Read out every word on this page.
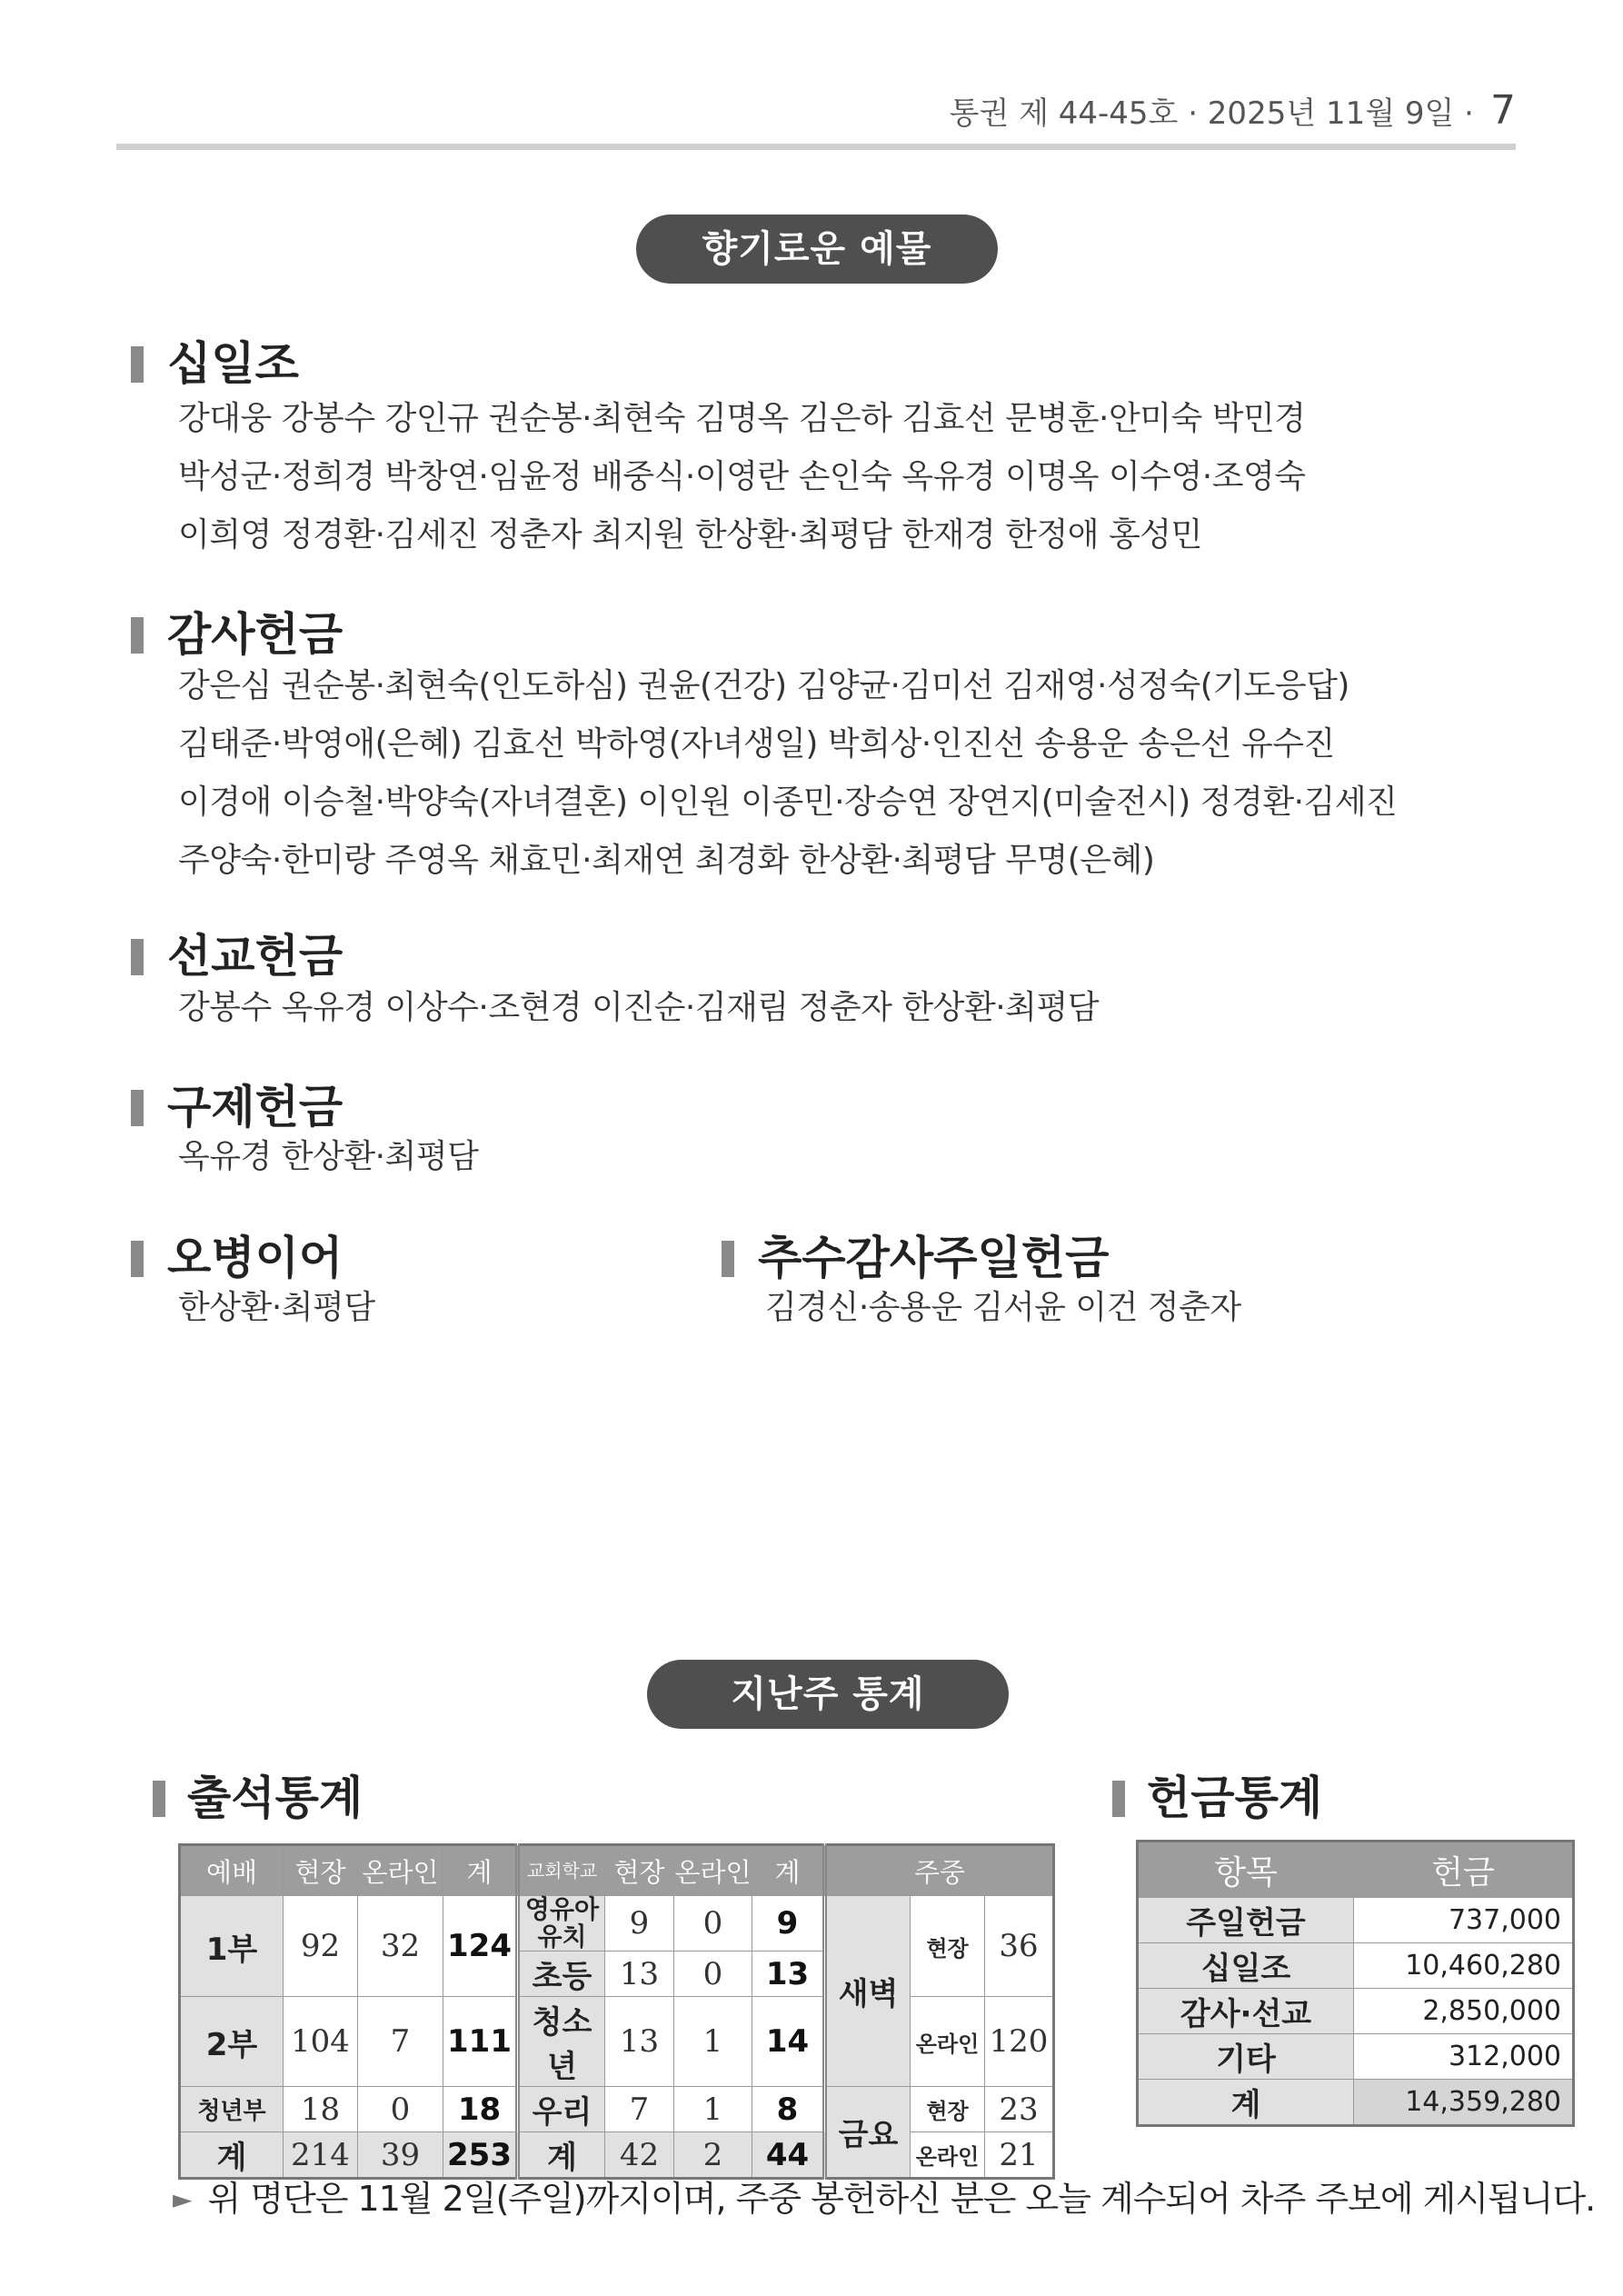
통권 제 44-45호 · 2025년 11월 9일 · 7
향기로운 예물
십일조
강대웅 강봉수 강인규 권순봉·최현숙 김명옥 김은하 김효선 문병훈·안미숙 박민경
박성군·정희경 박창연·임윤정 배중식·이영란 손인숙 옥유경 이명옥 이수영·조영숙
이희영 정경환·김세진 정춘자 최지원 한상환·최평담 한재경 한정애 홍성민
감사헌금
강은심 권순봉·최현숙(인도하심) 권윤(건강) 김양균·김미선 김재영·성정숙(기도응답)
김태준·박영애(은혜) 김효선 박하영(자녀생일) 박희상·인진선 송용운 송은선 유수진
이경애 이승철·박양숙(자녀결혼) 이인원 이종민·장승연 장연지(미술전시) 정경환·김세진
주양숙·한미랑 주영옥 채효민·최재연 최경화 한상환·최평담 무명(은혜)
선교헌금
강봉수 옥유경 이상수·조현경 이진순·김재림 정춘자 한상환·최평담
구제헌금
옥유경 한상환·최평담
오병이어
한상환·최평담
추수감사주일헌금
김경신·송용운 김서윤 이건 정춘자
지난주 통계
출석통계	헌금통계
예배	현장	온라인	계	교회학교	현장	온라인	계	주중		
1부	92	32	124	영유아유치	9	0	9	새벽	현장	36
				초등	13	0	13			
2부	104	7	111	청소년	13	1	14		온라인	120

청년부	18	0	18	우리	7	1	8	금요	현장	23

계	214	39	253	계	42	2	44		온라인	21

항목	헌금
주일헌금	737,000
십일조	10,460,280
감사·선교	2,850,000
기타	312,000
계	14,359,280
► 위 명단은 11월 2일(주일)까지이며, 주중 봉헌하신 분은 오늘 계수되어 차주 주보에 게시됩니다.
